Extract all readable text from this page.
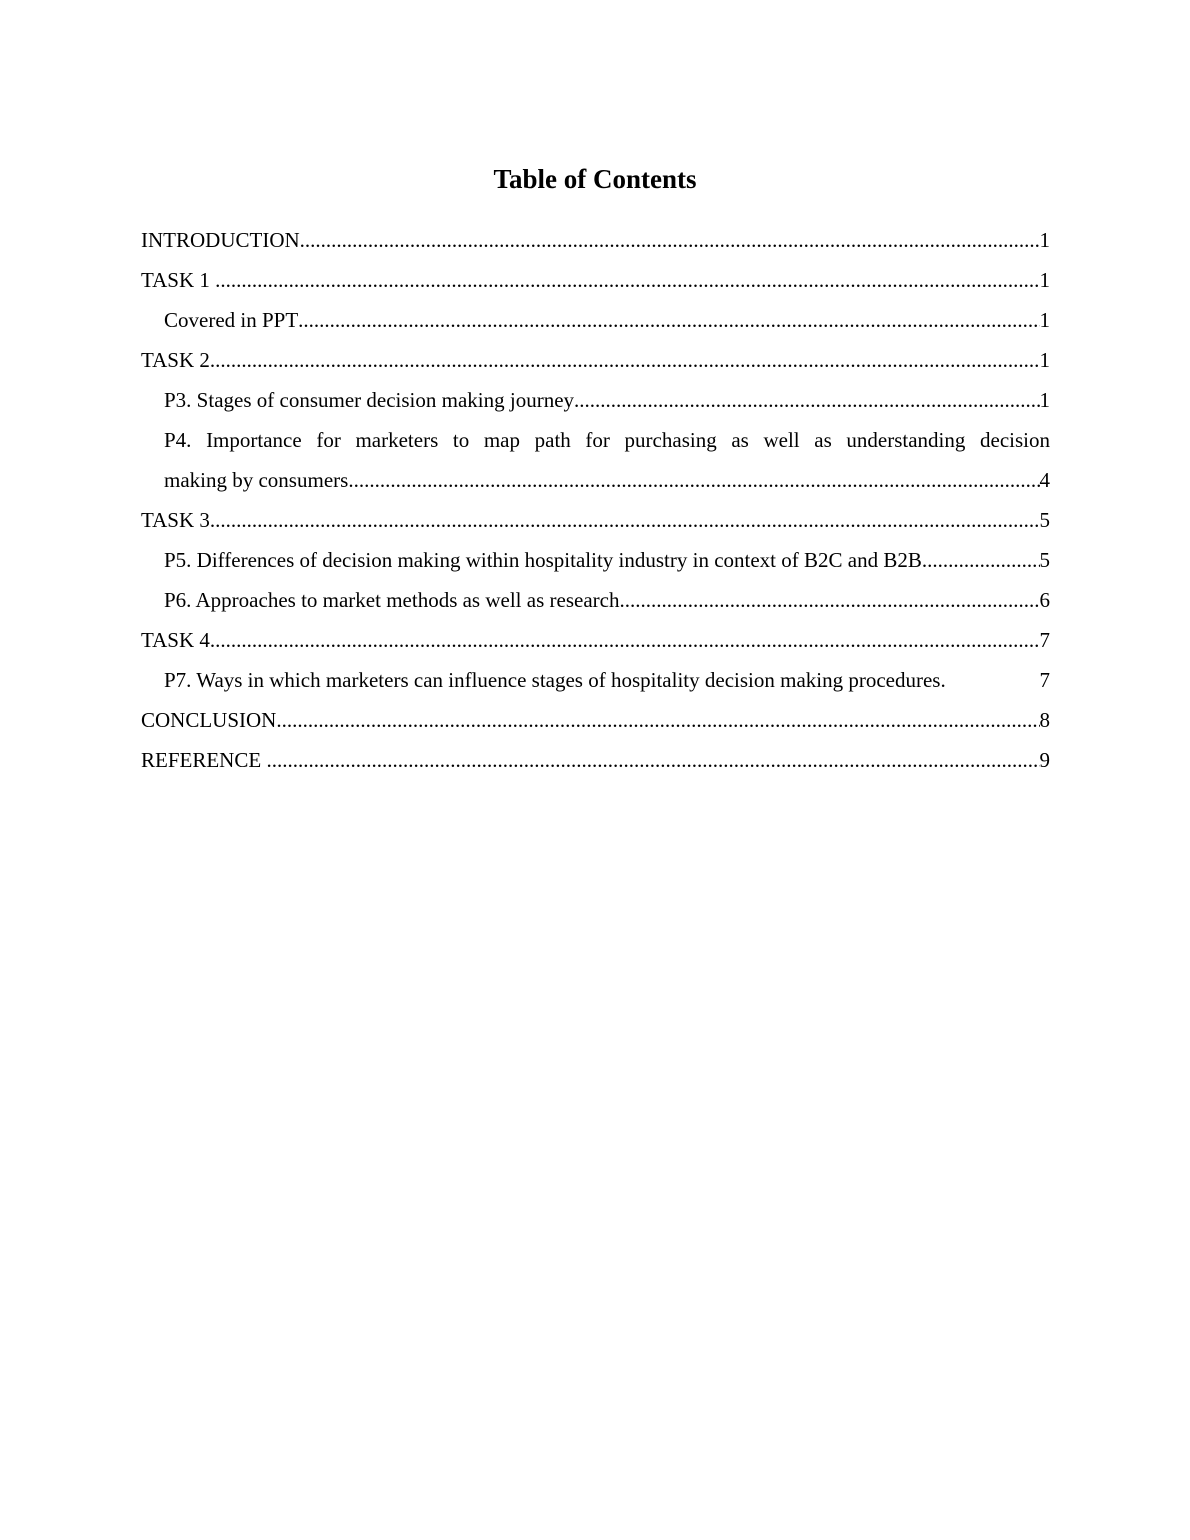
Table of Contents
INTRODUCTION .....	1
TASK 1 .....	1
Covered in PPT .....	1
TASK 2 .....	1
P3. Stages of consumer decision making journey .....	1
P4. Importance for marketers to map path for purchasing as well as understanding decision
making by consumers .....	4
TASK 3 .....	5
P5. Differences of decision making within hospitality industry in context of B2C and B2B .....	5
P6. Approaches to market methods as well as research .....	6
TASK 4 .....	7
P7. Ways in which marketers can influence stages of hospitality decision making procedures.	7
CONCLUSION .....	8
REFERENCE .....	9
